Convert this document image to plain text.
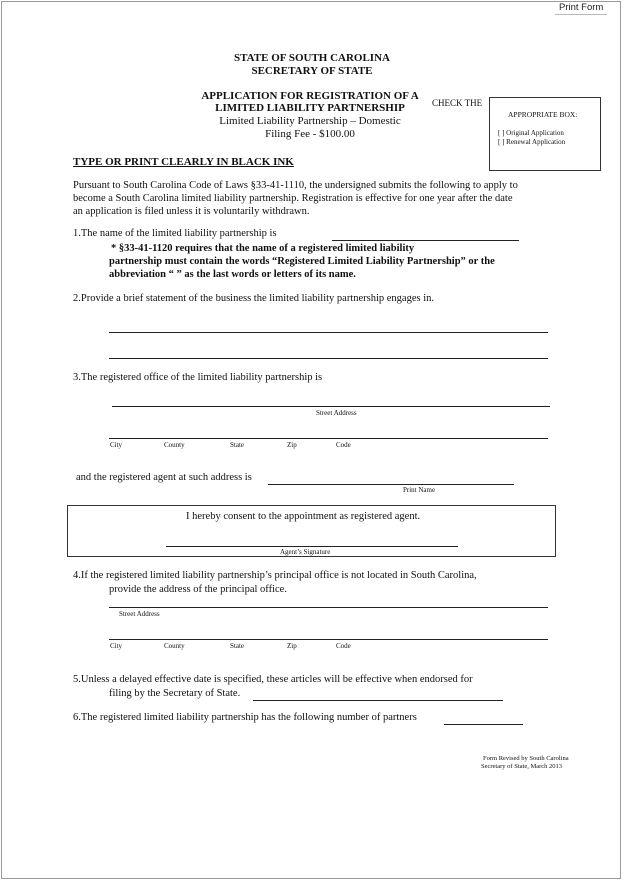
Print Form
STATE OF SOUTH CAROLINA
SECRETARY OF STATE
APPLICATION FOR REGISTRATION OF A
LIMITED LIABILITY PARTNERSHIP
Limited Liability Partnership – Domestic
Filing Fee - $100.00
CHECK THE
APPROPRIATE BOX:
[ ] Original Application
[ ] Renewal Application
TYPE OR PRINT CLEARLY IN BLACK INK
Pursuant to South Carolina Code of Laws §33-41-1110, the undersigned submits the following to apply to
become a South Carolina limited liability partnership. Registration is effective for one year after the date
an application is filed unless it is voluntarily withdrawn.
1.The name of the limited liability partnership is
* §33-41-1120 requires that the name of a registered limited liability
partnership must contain the words “Registered Limited Liability Partnership” or the
abbreviation “ ” as the last words or letters of its name.
2.Provide a brief statement of the business the limited liability partnership engages in.
3.The registered office of the limited liability partnership is
Street Address
City	County	State	Zip	Code
and the registered agent at such address is
Print Name
I hereby consent to the appointment as registered agent.
Agent’s Signature
4.If the registered limited liability partnership’s principal office is not located in South Carolina,
provide the address of the principal office.
Street Address
City	County	State	Zip	Code
5.Unless a delayed effective date is specified, these articles will be effective when endorsed for
filing by the Secretary of State.
6.The registered limited liability partnership has the following number of partners
Form Revised by South Carolina
Secretary of State, March 2013
